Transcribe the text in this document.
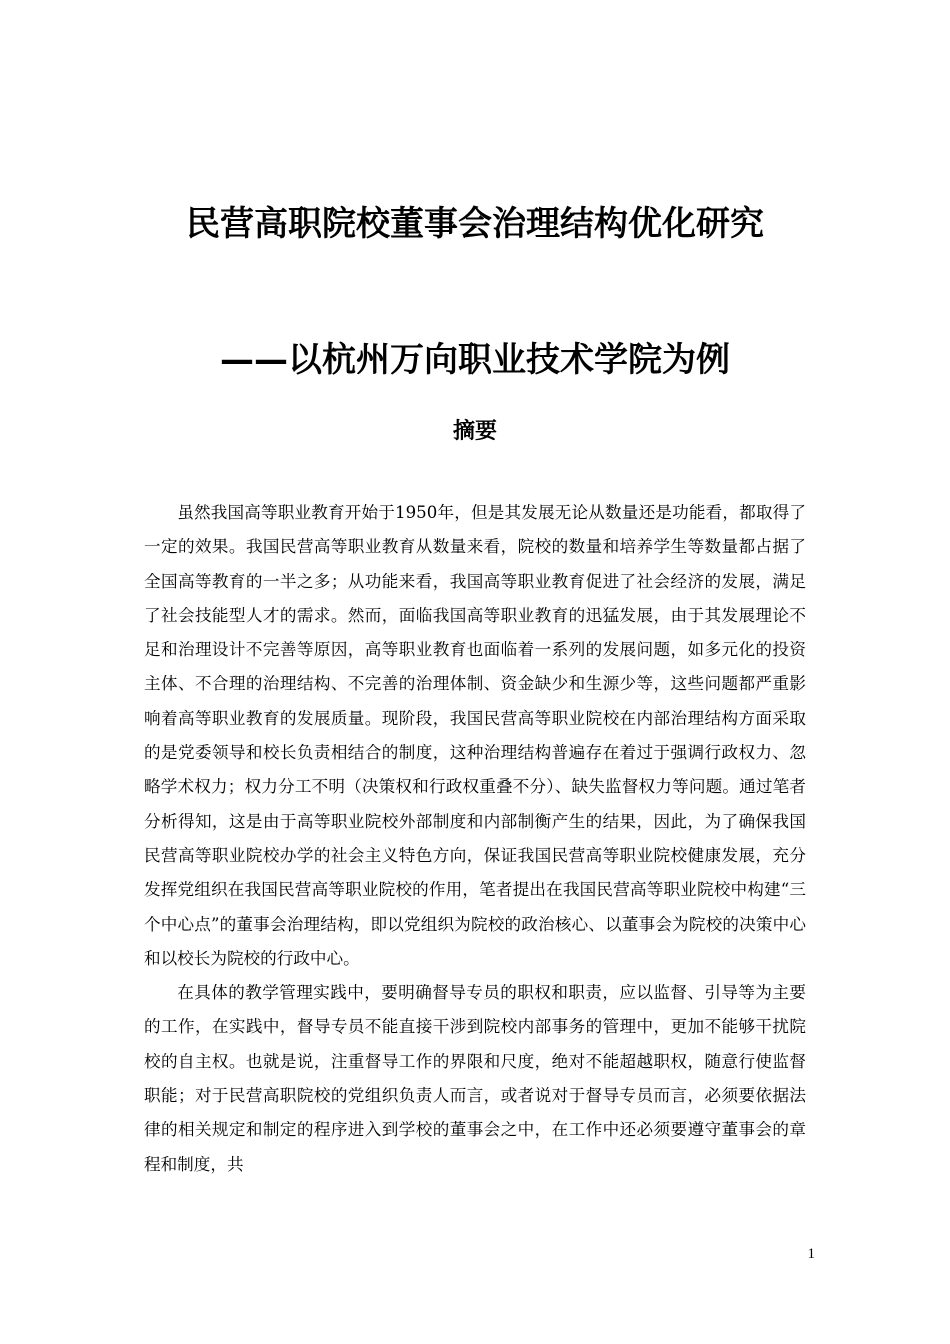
民营高职院校董事会治理结构优化研究
——以杭州万向职业技术学院为例
摘要

虽然我国高等职业教育开始于1950年，但是其发展无论从数量还是功能看，都取得了一定的效果。我国民营高等职业教育从数量来看，院校的数量和培养学生等数量都占据了全国高等教育的一半之多；从功能来看，我国高等职业教育促进了社会经济的发展，满足了社会技能型人才的需求。然而，面临我国高等职业教育的迅猛发展，由于其发展理论不足和治理设计不完善等原因，高等职业教育也面临着一系列的发展问题，如多元化的投资主体、不合理的治理结构、不完善的治理体制、资金缺少和生源少等，这些问题都严重影响着高等职业教育的发展质量。现阶段，我国民营高等职业院校在内部治理结构方面采取的是党委领导和校长负责相结合的制度，这种治理结构普遍存在着过于强调行政权力、忽略学术权力；权力分工不明（决策权和行政权重叠不分）、缺失监督权力等问题。通过笔者分析得知，这是由于高等职业院校外部制度和内部制衡产生的结果，因此，为了确保我国民营高等职业院校办学的社会主义特色方向，保证我国民营高等职业院校健康发展，充分发挥党组织在我国民营高等职业院校的作用，笔者提出在我国民营高等职业院校中构建“三个中心点”的董事会治理结构，即以党组织为院校的政治核心、以董事会为院校的决策中心和以校长为院校的行政中心。

在具体的教学管理实践中，要明确督导专员的职权和职责，应以监督、引导等为主要的工作，在实践中，督导专员不能直接干涉到院校内部事务的管理中，更加不能够干扰院校的自主权。也就是说，注重督导工作的界限和尺度，绝对不能超越职权，随意行使监督职能；对于民营高职院校的党组织负责人而言，或者说对于督导专员而言，必须要依据法律的相关规定和制定的程序进入到学校的董事会之中，在工作中还必须要遵守董事会的章程和制度，共

1
